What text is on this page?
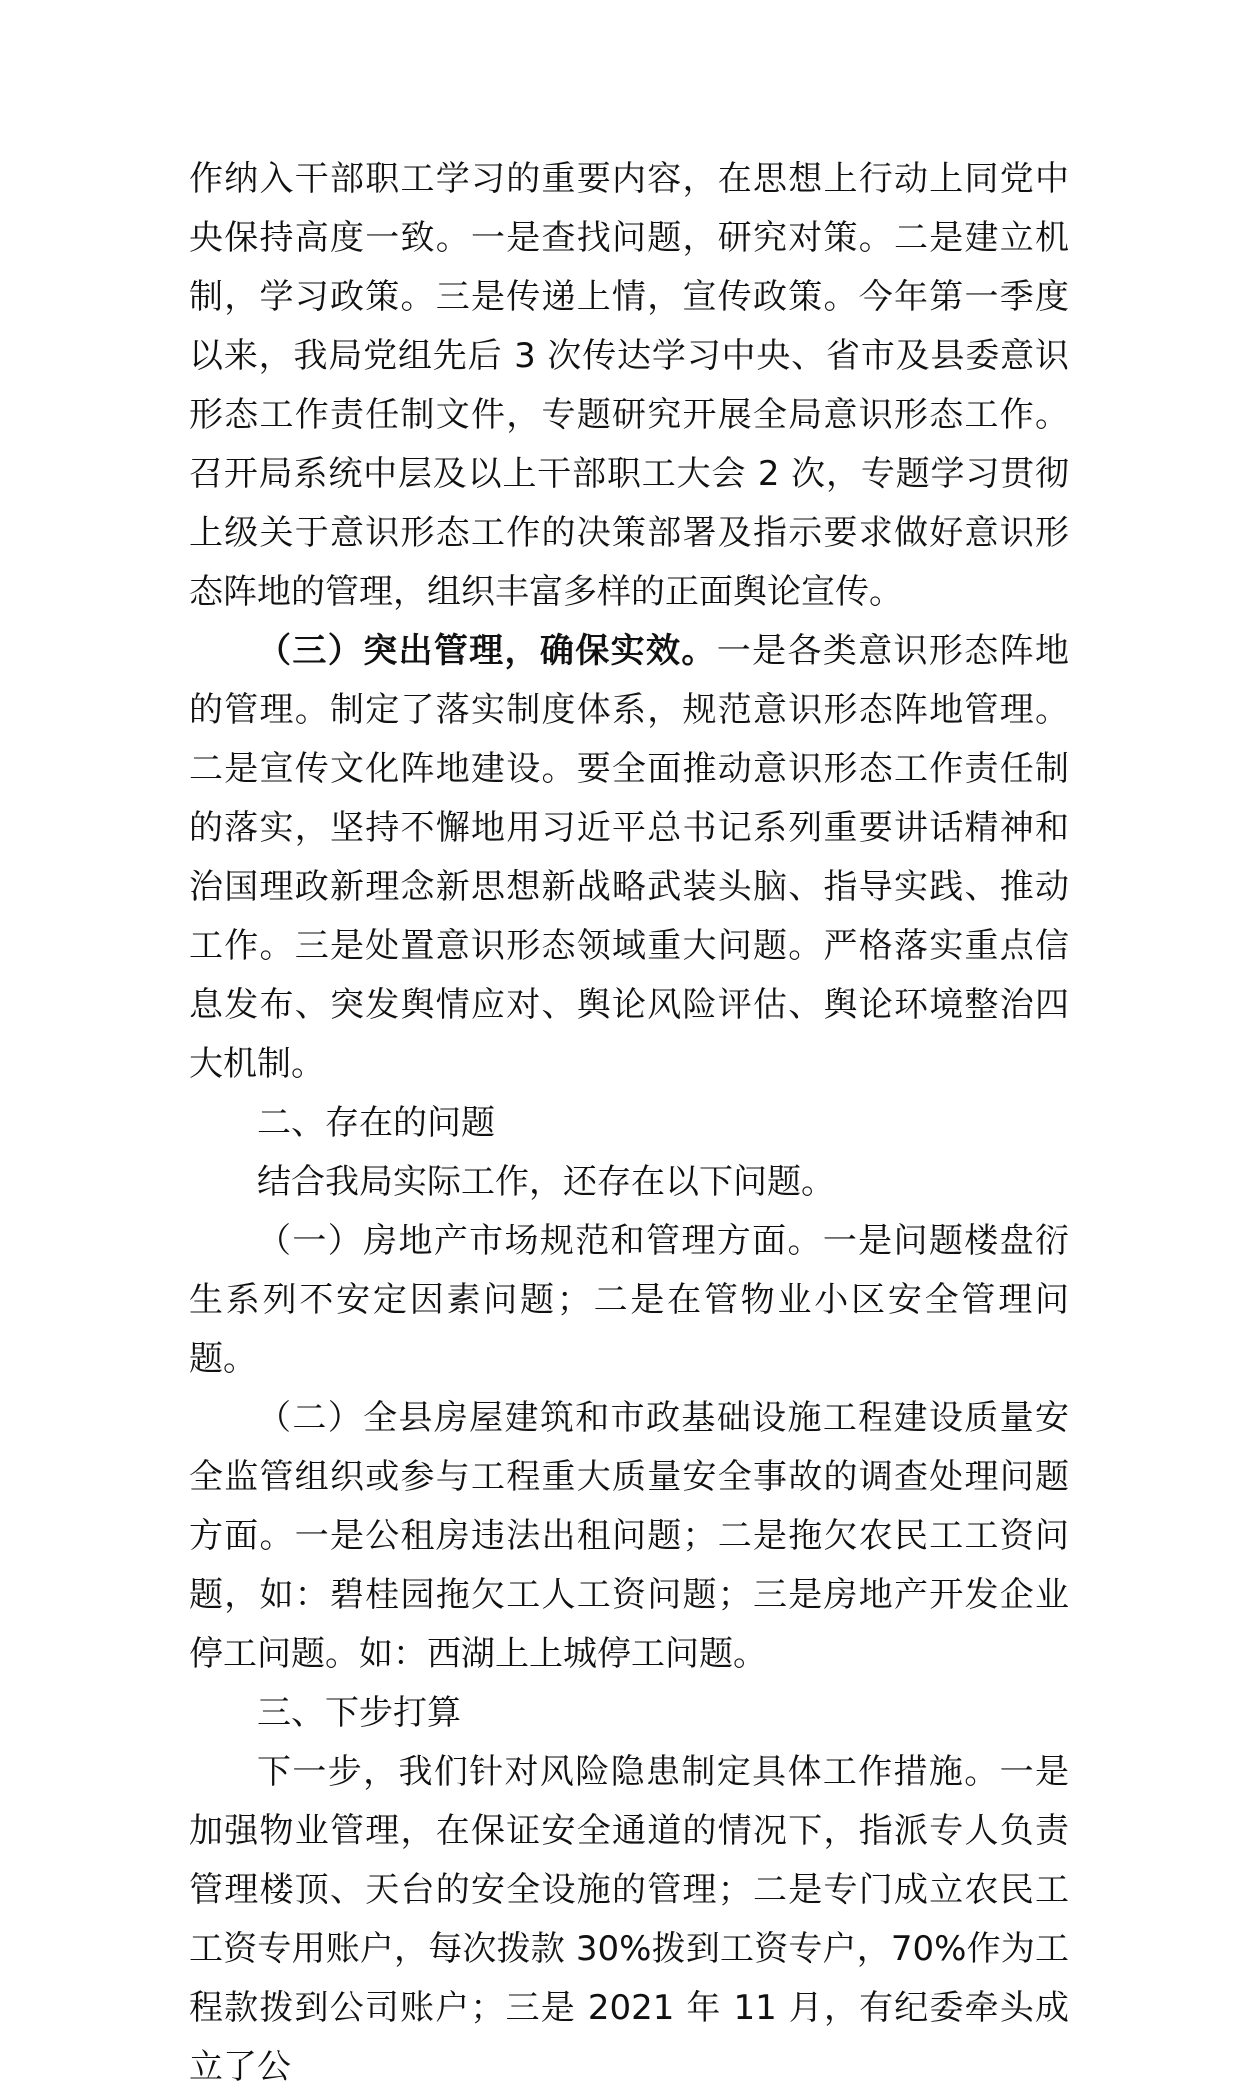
作纳入干部职工学习的重要内容，在思想上行动上同党中央保持高度一致。一是查找问题，研究对策。二是建立机制，学习政策。三是传递上情，宣传政策。今年第一季度以来，我局党组先后 3 次传达学习中央、省市及县委意识形态工作责任制文件，专题研究开展全局意识形态工作。召开局系统中层及以上干部职工大会 2 次，专题学习贯彻上级关于意识形态工作的决策部署及指示要求做好意识形态阵地的管理，组织丰富多样的正面舆论宣传。

（三）突出管理，确保实效。一是各类意识形态阵地的管理。制定了落实制度体系，规范意识形态阵地管理。二是宣传文化阵地建设。要全面推动意识形态工作责任制的落实，坚持不懈地用习近平总书记系列重要讲话精神和治国理政新理念新思想新战略武装头脑、指导实践、推动工作。三是处置意识形态领域重大问题。严格落实重点信息发布、突发舆情应对、舆论风险评估、舆论环境整治四大机制。

二、存在的问题

结合我局实际工作，还存在以下问题。

（一）房地产市场规范和管理方面。一是问题楼盘衍生系列不安定因素问题；二是在管物业小区安全管理问题。

（二）全县房屋建筑和市政基础设施工程建设质量安全监管组织或参与工程重大质量安全事故的调查处理问题方面。一是公租房违法出租问题；二是拖欠农民工工资问题，如：碧桂园拖欠工人工资问题；三是房地产开发企业停工问题。如：西湖上上城停工问题。

三、下步打算

下一步，我们针对风险隐患制定具体工作措施。一是加强物业管理，在保证安全通道的情况下，指派专人负责管理楼顶、天台的安全设施的管理；二是专门成立农民工工资专用账户，每次拨款 30%拨到工资专户，70%作为工程款拨到公司账户；三是 2021 年 11 月，有纪委牵头成立了公
